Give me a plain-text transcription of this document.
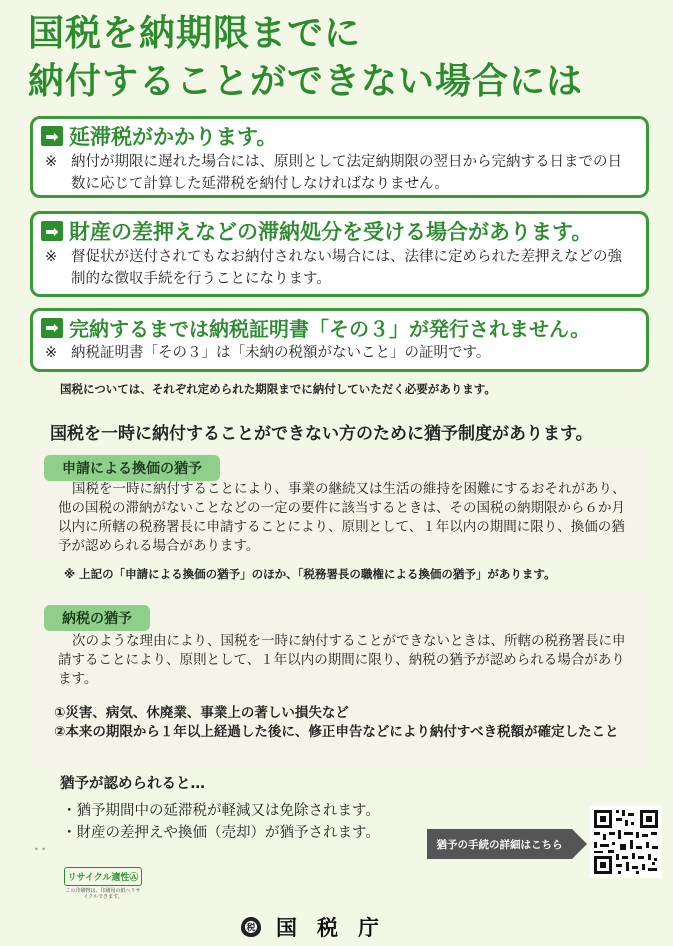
国税を納期限までに
納付することができない場合には
➡ 延滞税がかかります。
※ 納付が期限に遅れた場合には、原則として法定納期限の翌日から完納する日までの日数に応じて計算した延滞税を納付しなければなりません。
➡ 財産の差押えなどの滞納処分を受ける場合があります。
※ 督促状が送付されてもなお納付されない場合には、法律に定められた差押えなどの強制的な徴収手続を行うことになります。
➡ 完納するまでは納税証明書「その３」が発行されません。
※ 納税証明書「その３」は「未納の税額がないこと」の証明です。
国税については、それぞれ定められた期限までに納付していただく必要があります。
国税を一時に納付することができない方のために猶予制度があります。
申請による換価の猶予
国税を一時に納付することにより、事業の継続又は生活の維持を困難にするおそれがあり、他の国税の滞納がないことなどの一定の要件に該当するときは、その国税の納期限から６か月以内に所轄の税務署長に申請することにより、原則として、１年以内の期間に限り、換価の猶予が認められる場合があります。
※ 上記の「申請による換価の猶予」のほか、「税務署長の職権による換価の猶予」があります。
納税の猶予
次のような理由により、国税を一時に納付することができないときは、所轄の税務署長に申請することにより、原則として、１年以内の期間に限り、納税の猶予が認められる場合があります。
①災害、病気、休廃業、事業上の著しい損失など
②本来の期限から１年以上経過した後に、修正申告などにより納付すべき税額が確定したこと
猶予が認められると…
・猶予期間中の延滞税が軽減又は免除されます。
・財産の差押えや換価（売却）が猶予されます。
• •	猶予の手続の詳細はこちら
リサイクル適性Ⓐ
この印刷物は、印刷用の紙へリサイクルできます。
税 国税庁
